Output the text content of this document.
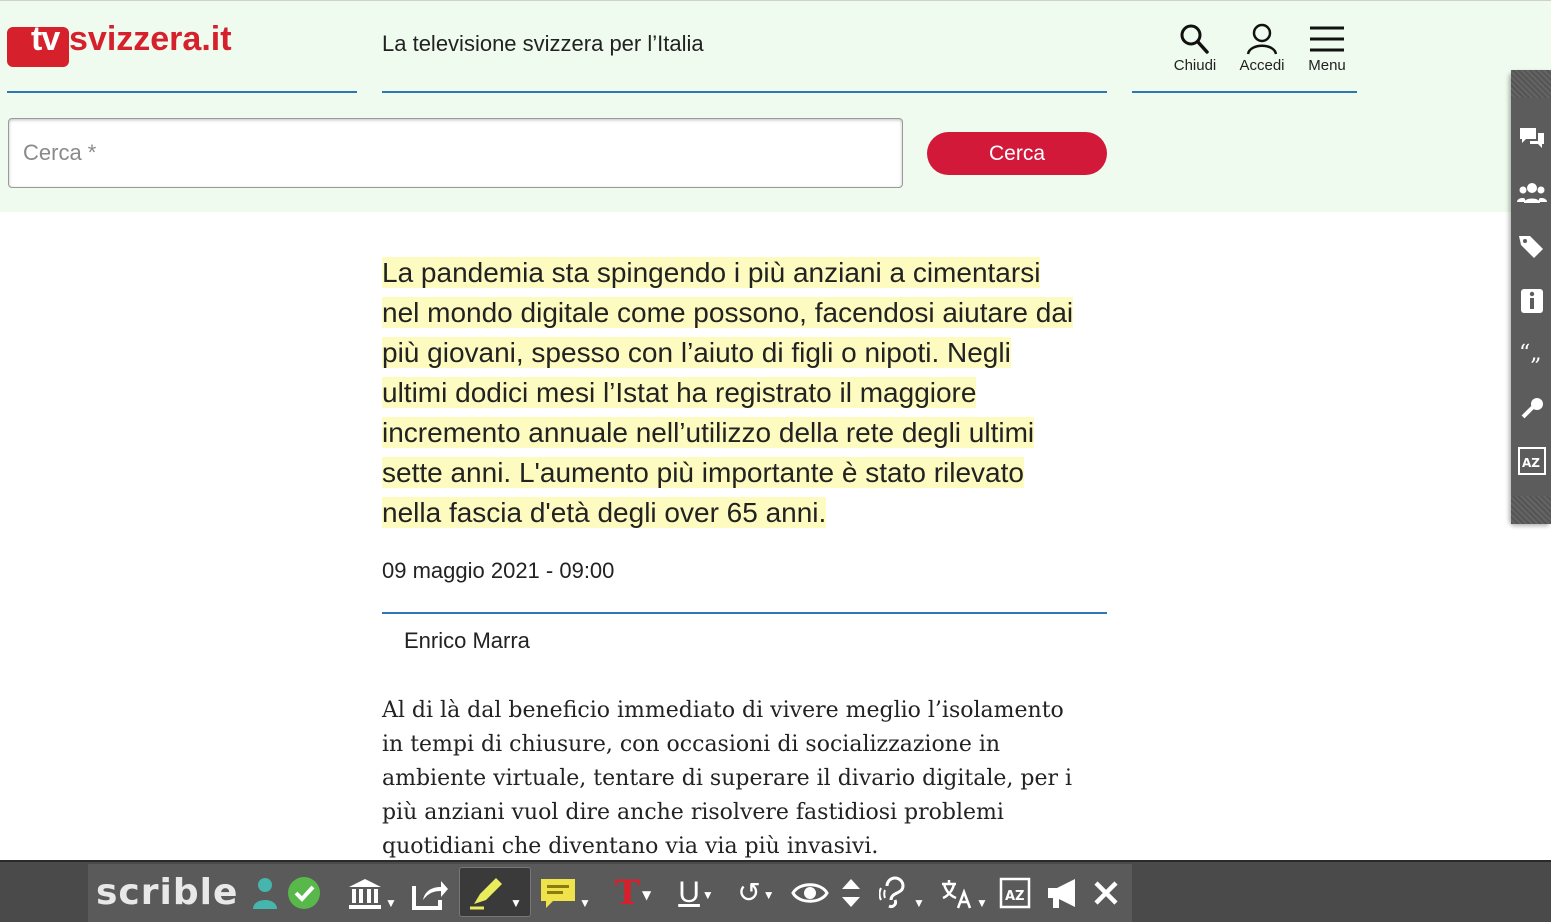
tv svizzera.it	La televisione svizzera per l’Italia
Chiudi	Accedi	Menu
Cerca *
Cerca
La pandemia sta spingendo i più anziani a cimentarsi nel mondo digitale come possono, facendosi aiutare dai più giovani, spesso con l’aiuto di figli o nipoti. Negli ultimi dodici mesi l’Istat ha registrato il maggiore incremento annuale nell’utilizzo della rete degli ultimi sette anni. L'aumento più importante è stato rilevato nella fascia d'età degli over 65 anni.
09 maggio 2021 - 09:00
Enrico Marra
Al di là dal beneficio immediato di vivere meglio l’isolamento in tempi di chiusure, con occasioni di socializzazione in ambiente virtuale, tentare di superare il divario digitale, per i più anziani vuol dire anche risolvere fastidiosi problemi quotidiani che diventano via via più invasivi.
“„
AZ
scrible	▼	▼	▼ T ▼ U ▼ ↺ ▼
▼	▼	AZ
